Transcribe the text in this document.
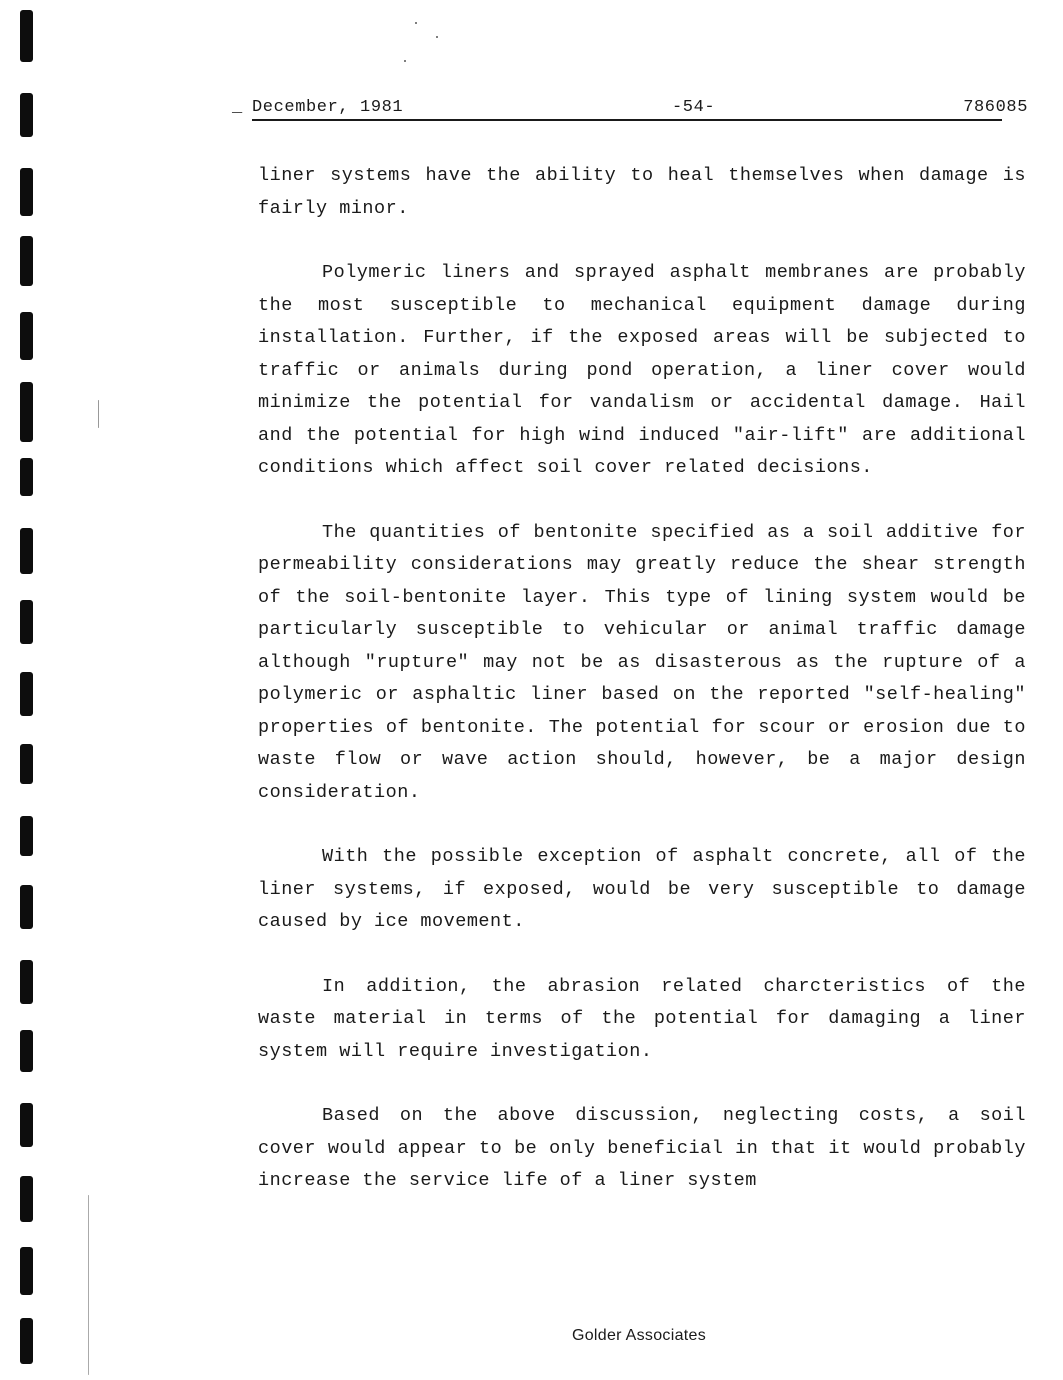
_ December, 1981	-54-	786085

liner systems have the ability to heal themselves when damage is fairly minor.

Polymeric liners and sprayed asphalt membranes are probably the most susceptible to mechanical equipment damage during installation. Further, if the exposed areas will be subjected to traffic or animals during pond operation, a liner cover would minimize the potential for vandalism or accidental damage. Hail and the potential for high wind induced "air-lift" are additional conditions which affect soil cover related decisions.

The quantities of bentonite specified as a soil additive for permeability considerations may greatly reduce the shear strength of the soil-bentonite layer. This type of lining system would be particularly susceptible to vehicular or animal traffic damage although "rupture" may not be as disasterous as the rupture of a polymeric or asphaltic liner based on the reported "self-healing" properties of bentonite. The potential for scour or erosion due to waste flow or wave action should, however, be a major design consideration.

With the possible exception of asphalt concrete, all of the liner systems, if exposed, would be very susceptible to damage caused by ice movement.

In addition, the abrasion related charcteristics of the waste material in terms of the potential for damaging a liner system will require investigation.

Based on the above discussion, neglecting costs, a soil cover would appear to be only beneficial in that it would probably increase the service life of a liner system

Golder Associates
